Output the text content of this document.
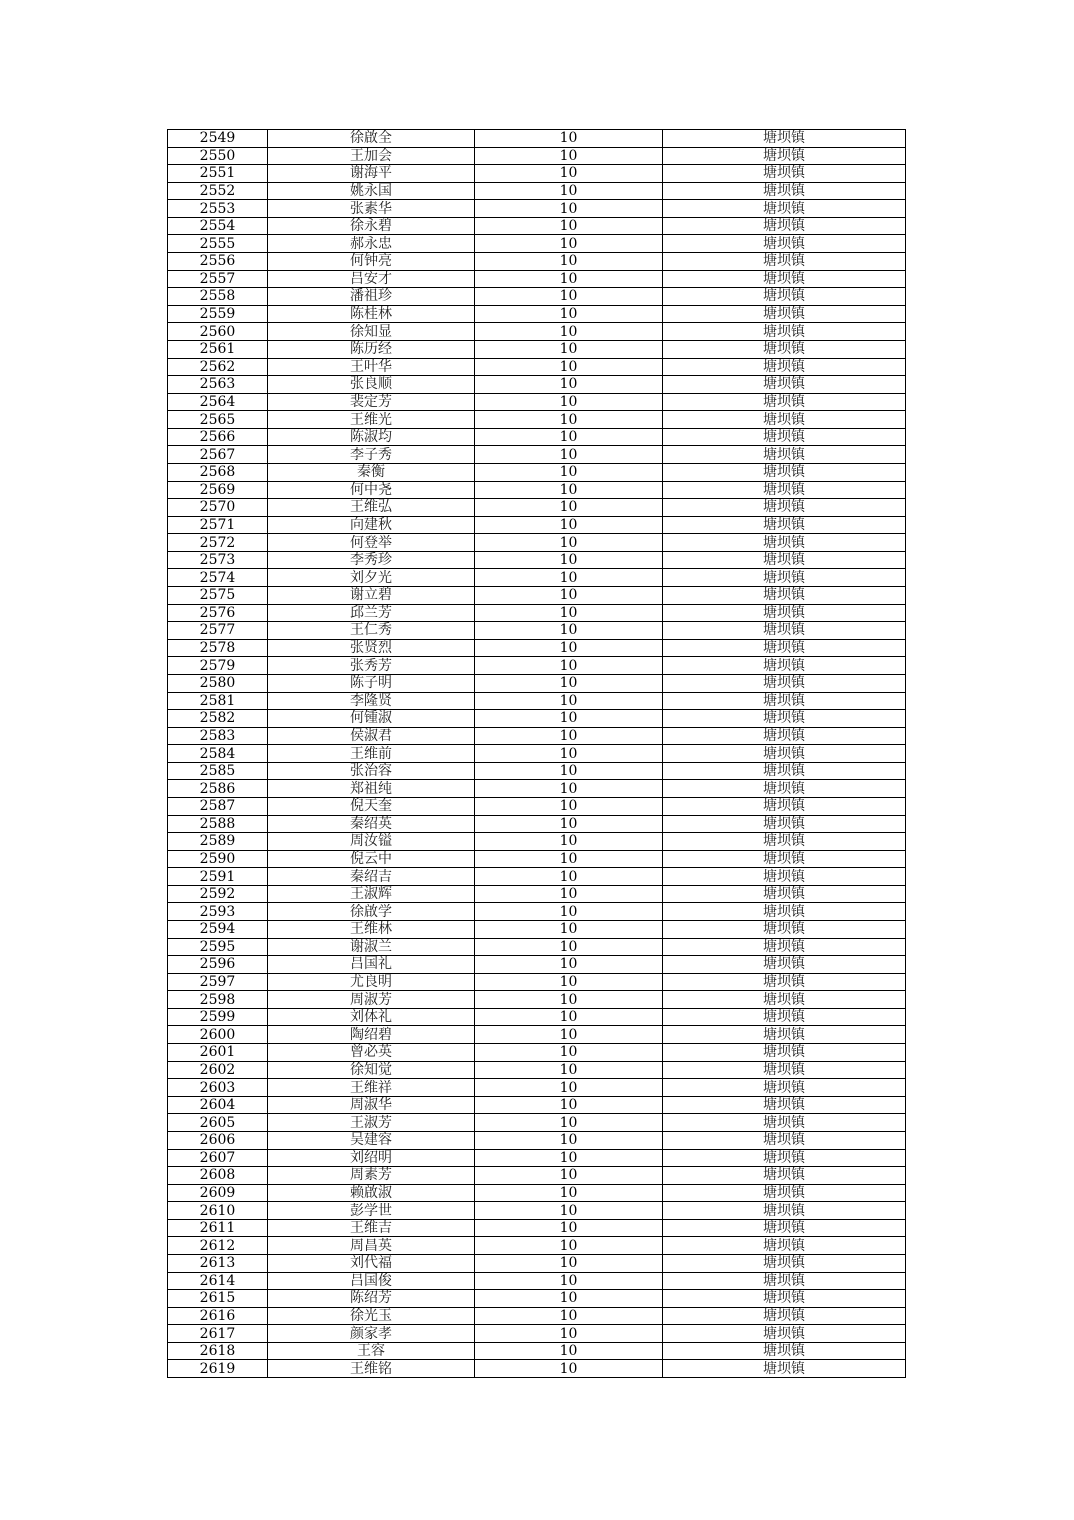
2549	徐啟全	10	塘坝镇
2550	王加会	10	塘坝镇
2551	谢海平	10	塘坝镇
2552	姚永国	10	塘坝镇
2553	张素华	10	塘坝镇
2554	徐永碧	10	塘坝镇
2555	郝永忠	10	塘坝镇
2556	何钟亮	10	塘坝镇
2557	吕安才	10	塘坝镇
2558	潘祖珍	10	塘坝镇
2559	陈桂林	10	塘坝镇
2560	徐知显	10	塘坝镇
2561	陈历经	10	塘坝镇
2562	王叶华	10	塘坝镇
2563	张良顺	10	塘坝镇
2564	裴定芳	10	塘坝镇
2565	王维光	10	塘坝镇
2566	陈淑均	10	塘坝镇
2567	李子秀	10	塘坝镇
2568	秦衡	10	塘坝镇
2569	何中尧	10	塘坝镇
2570	王维弘	10	塘坝镇
2571	向建秋	10	塘坝镇
2572	何登举	10	塘坝镇
2573	李秀珍	10	塘坝镇
2574	刘夕光	10	塘坝镇
2575	谢立碧	10	塘坝镇
2576	邱兰芳	10	塘坝镇
2577	王仁秀	10	塘坝镇
2578	张贤烈	10	塘坝镇
2579	张秀芳	10	塘坝镇
2580	陈子明	10	塘坝镇
2581	李隆贤	10	塘坝镇
2582	何锺淑	10	塘坝镇
2583	侯淑君	10	塘坝镇
2584	王维前	10	塘坝镇
2585	张治容	10	塘坝镇
2586	郑祖纯	10	塘坝镇
2587	倪天奎	10	塘坝镇
2588	秦绍英	10	塘坝镇
2589	周汝镒	10	塘坝镇
2590	倪云中	10	塘坝镇
2591	秦绍吉	10	塘坝镇
2592	王淑辉	10	塘坝镇
2593	徐啟学	10	塘坝镇
2594	王维林	10	塘坝镇
2595	谢淑兰	10	塘坝镇
2596	吕国礼	10	塘坝镇
2597	尤良明	10	塘坝镇
2598	周淑芳	10	塘坝镇
2599	刘体礼	10	塘坝镇
2600	陶绍碧	10	塘坝镇
2601	曾必英	10	塘坝镇
2602	徐知觉	10	塘坝镇
2603	王维祥	10	塘坝镇
2604	周淑华	10	塘坝镇
2605	王淑芳	10	塘坝镇
2606	吴建容	10	塘坝镇
2607	刘绍明	10	塘坝镇
2608	周素芳	10	塘坝镇
2609	赖啟淑	10	塘坝镇
2610	彭学世	10	塘坝镇
2611	王维吉	10	塘坝镇
2612	周昌英	10	塘坝镇
2613	刘代福	10	塘坝镇
2614	吕国俊	10	塘坝镇
2615	陈绍芳	10	塘坝镇
2616	徐光玉	10	塘坝镇
2617	颜家孝	10	塘坝镇
2618	王容	10	塘坝镇
2619	王维铭	10	塘坝镇
